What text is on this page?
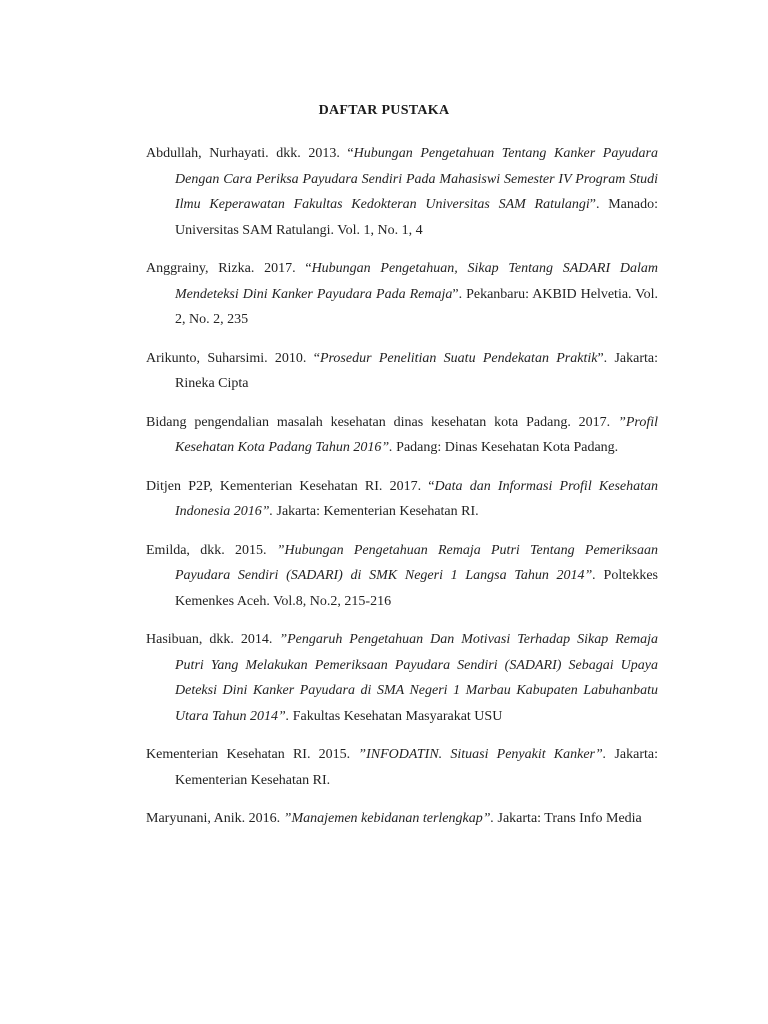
DAFTAR PUSTAKA
Abdullah, Nurhayati. dkk. 2013. “Hubungan Pengetahuan Tentang Kanker Payudara Dengan Cara Periksa Payudara Sendiri Pada Mahasiswi Semester IV Program Studi Ilmu Keperawatan Fakultas Kedokteran Universitas SAM Ratulangi”. Manado: Universitas SAM Ratulangi. Vol. 1, No. 1, 4
Anggrainy, Rizka. 2017. “Hubungan Pengetahuan, Sikap Tentang SADARI Dalam Mendeteksi Dini Kanker Payudara Pada Remaja”. Pekanbaru: AKBID Helvetia. Vol. 2, No. 2, 235
Arikunto, Suharsimi. 2010. “Prosedur Penelitian Suatu Pendekatan Praktik”. Jakarta: Rineka Cipta
Bidang pengendalian masalah kesehatan dinas kesehatan kota Padang. 2017. ”Profil Kesehatan Kota Padang Tahun 2016”. Padang: Dinas Kesehatan Kota Padang.
Ditjen P2P, Kementerian Kesehatan RI. 2017. “Data dan Informasi Profil Kesehatan Indonesia 2016”. Jakarta: Kementerian Kesehatan RI.
Emilda, dkk. 2015. ”Hubungan Pengetahuan Remaja Putri Tentang Pemeriksaan Payudara Sendiri (SADARI) di SMK Negeri 1 Langsa Tahun 2014”. Poltekkes Kemenkes Aceh. Vol.8, No.2, 215-216
Hasibuan, dkk. 2014. ”Pengaruh Pengetahuan Dan Motivasi Terhadap Sikap Remaja Putri Yang Melakukan Pemeriksaan Payudara Sendiri (SADARI) Sebagai Upaya Deteksi Dini Kanker Payudara di SMA Negeri 1 Marbau Kabupaten Labuhanbatu Utara Tahun 2014”. Fakultas Kesehatan Masyarakat USU
Kementerian Kesehatan RI. 2015. ”INFODATIN. Situasi Penyakit Kanker”. Jakarta: Kementerian Kesehatan RI.
Maryunani, Anik. 2016. ”Manajemen kebidanan terlengkap”. Jakarta: Trans Info Media
